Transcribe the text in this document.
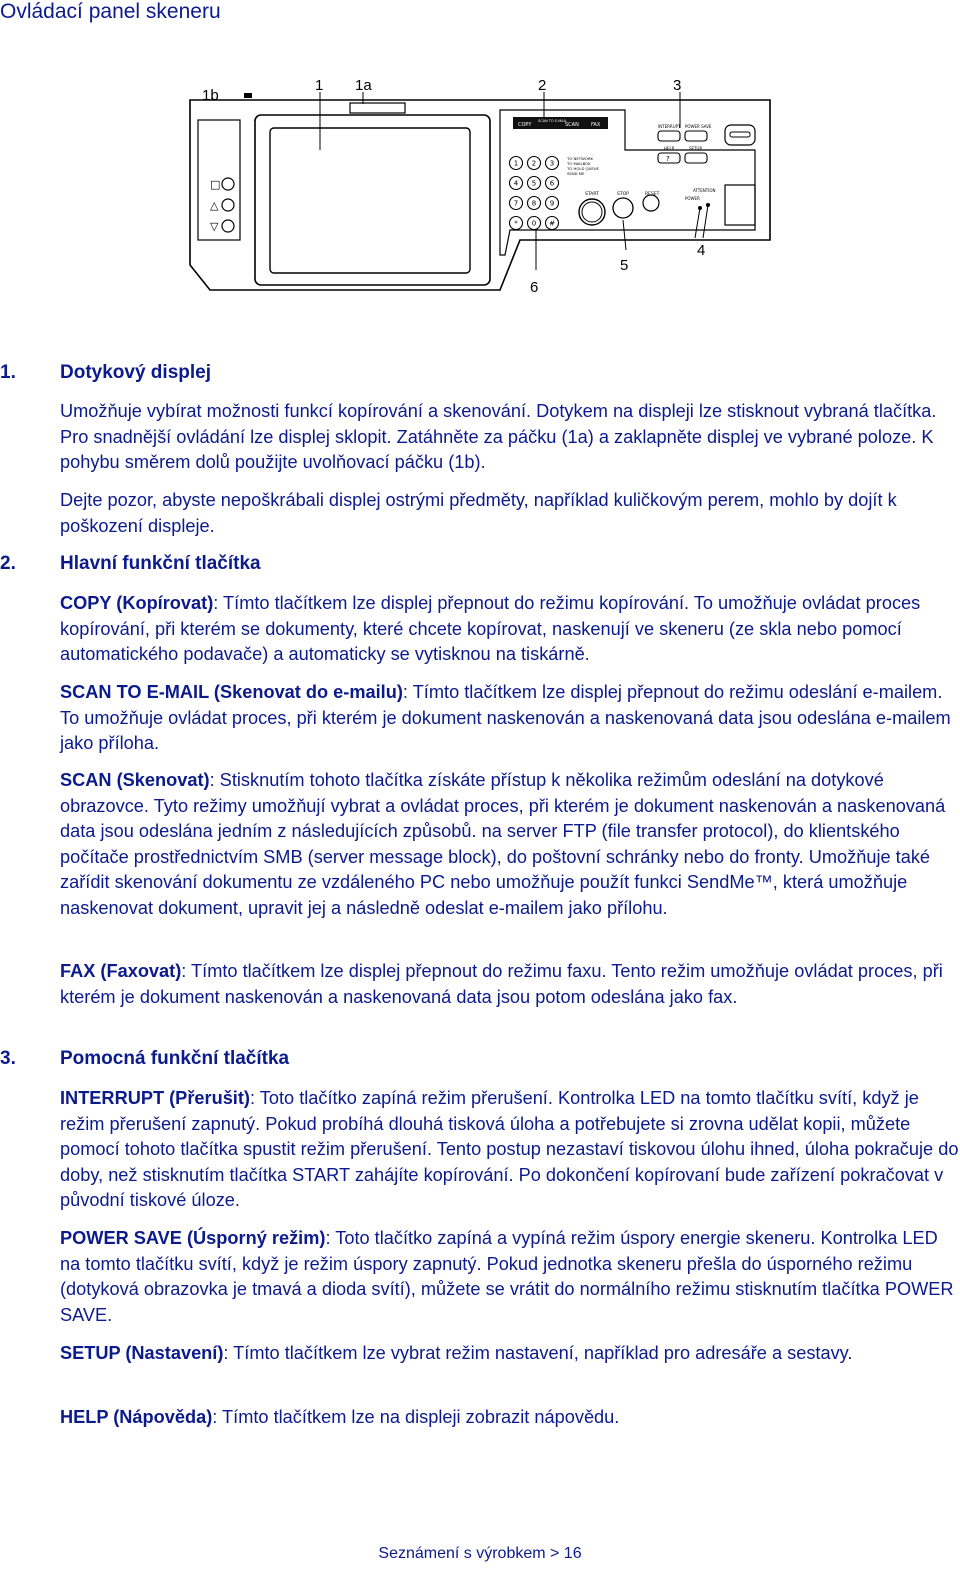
Ovládací panel skeneru
□
△
▽
COPY
SCAN TO E-MAIL
SCAN FAX
1 2 3
4 5 6
7 8 9
* 0 #
TO NETWORK
TO MAILBOX
TO HOLD QUEUE
SEND ME
START	STOP	RESET
ATTENTION
POWER
INTERRUPT POWER SAVE
HELP
?
SETUP
1b
1 1a	2	3
4
5
6
1. Dotykový displej

Umožňuje vybírat možnosti funkcí kopírování a skenování. Dotykem na displeji lze stisknout vybraná tlačítka. Pro snadnější ovládání lze displej sklopit. Zatáhněte za páčku (1a) a zaklapněte displej ve vybrané poloze. K pohybu směrem dolů použijte uvolňovací páčku (1b).

Dejte pozor, abyste nepoškrábali displej ostrými předměty, například kuličkovým perem, mohlo by dojít k poškození displeje.

2. Hlavní funkční tlačítka

COPY (Kopírovat): Tímto tlačítkem lze displej přepnout do režimu kopírování. To umožňuje ovládat proces kopírování, při kterém se dokumenty, které chcete kopírovat, naskenují ve skeneru (ze skla nebo pomocí automatického podavače) a automaticky se vytisknou na tiskárně.

SCAN TO E-MAIL (Skenovat do e-mailu): Tímto tlačítkem lze displej přepnout do režimu odeslání e-mailem. To umožňuje ovládat proces, při kterém je dokument naskenován a naskenovaná data jsou odeslána e-mailem jako příloha.

SCAN (Skenovat): Stisknutím tohoto tlačítka získáte přístup k několika režimům odeslání na dotykové obrazovce. Tyto režimy umožňují vybrat a ovládat proces, při kterém je dokument naskenován a naskenovaná data jsou odeslána jedním z následujících způsobů. na server FTP (file transfer protocol), do klientského počítače prostřednictvím SMB (server message block), do poštovní schránky nebo do fronty. Umožňuje také zařídit skenování dokumentu ze vzdáleného PC nebo umožňuje použít funkci SendMe™, která umožňuje naskenovat dokument, upravit jej a následně odeslat e-mailem jako přílohu.

FAX (Faxovat): Tímto tlačítkem lze displej přepnout do režimu faxu. Tento režim umožňuje ovládat proces, při kterém je dokument naskenován a naskenovaná data jsou potom odeslána jako fax.

3. Pomocná funkční tlačítka

INTERRUPT (Přerušit): Toto tlačítko zapíná režim přerušení. Kontrolka LED na tomto tlačítku svítí, když je režim přerušení zapnutý. Pokud probíhá dlouhá tisková úloha a potřebujete si zrovna udělat kopii, můžete pomocí tohoto tlačítka spustit režim přerušení. Tento postup nezastaví tiskovou úlohu ihned, úloha pokračuje do doby, než stisknutím tlačítka START zahájíte kopírování. Po dokončení kopírovaní bude zařízení pokračovat v původní tiskové úloze.

POWER SAVE (Úsporný režim): Toto tlačítko zapíná a vypíná režim úspory energie skeneru. Kontrolka LED na tomto tlačítku svítí, když je režim úspory zapnutý. Pokud jednotka skeneru přešla do úsporného režimu (dotyková obrazovka je tmavá a dioda svítí), můžete se vrátit do normálního režimu stisknutím tlačítka POWER SAVE.

SETUP (Nastavení): Tímto tlačítkem lze vybrat režim nastavení, například pro adresáře a sestavy.

HELP (Nápověda): Tímto tlačítkem lze na displeji zobrazit nápovědu.

Seznámení s výrobkem > 16
